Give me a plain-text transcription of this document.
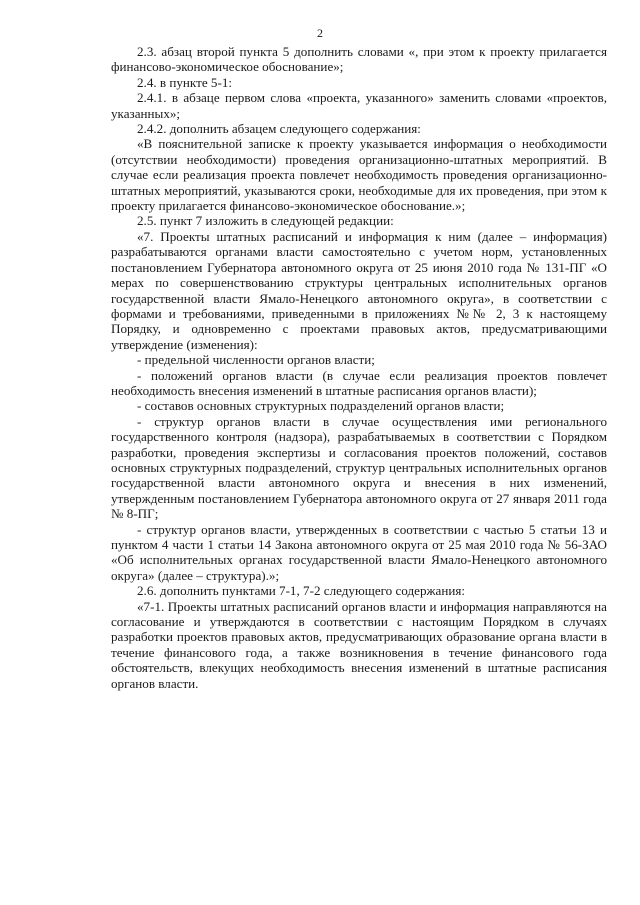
2

2.3. абзац второй пункта 5 дополнить словами «, при этом к проекту прилагается финансово-экономическое обоснование»;

2.4. в пункте 5-1:

2.4.1. в абзаце первом слова «проекта, указанного» заменить словами «проектов, указанных»;

2.4.2. дополнить абзацем следующего содержания:

«В пояснительной записке к проекту указывается информация о необходимости (отсутствии необходимости) проведения организационно-штатных мероприятий. В случае если реализация проекта повлечет необходимость проведения организационно-штатных мероприятий, указываются сроки, необходимые для их проведения, при этом к проекту прилагается финансово-экономическое обоснование.»;

2.5. пункт 7 изложить в следующей редакции:

«7. Проекты штатных расписаний и информация к ним (далее – информация) разрабатываются органами власти самостоятельно с учетом норм, установленных постановлением Губернатора автономного округа от 25 июня 2010 года № 131-ПГ «О мерах по совершенствованию структуры центральных исполнительных органов государственной власти Ямало-Ненецкого автономного округа», в соответствии с формами и требованиями, приведенными в приложениях №№ 2, 3 к настоящему Порядку, и одновременно с проектами правовых актов, предусматривающими утверждение (изменения):

- предельной численности органов власти;

- положений органов власти (в случае если реализация проектов повлечет необходимость внесения изменений в штатные расписания органов власти);

- составов основных структурных подразделений органов власти;

- структур органов власти в случае осуществления ими регионального государственного контроля (надзора), разрабатываемых в соответствии с Порядком разработки, проведения экспертизы и согласования проектов положений, составов основных структурных подразделений, структур центральных исполнительных органов государственной власти автономного округа и внесения в них изменений, утвержденным постановлением Губернатора автономного округа от 27 января 2011 года № 8-ПГ;

- структур органов власти, утвержденных в соответствии с частью 5 статьи 13 и пунктом 4 части 1 статьи 14 Закона автономного округа от 25 мая 2010 года № 56-ЗАО «Об исполнительных органах государственной власти Ямало-Ненецкого автономного округа» (далее – структура).»;

2.6. дополнить пунктами 7-1, 7-2 следующего содержания:

«7-1. Проекты штатных расписаний органов власти и информация направляются на согласование и утверждаются в соответствии с настоящим Порядком в случаях разработки проектов правовых актов, предусматривающих образование органа власти в течение финансового года, а также возникновения в течение финансового года обстоятельств, влекущих необходимость внесения изменений в штатные расписания органов власти.
